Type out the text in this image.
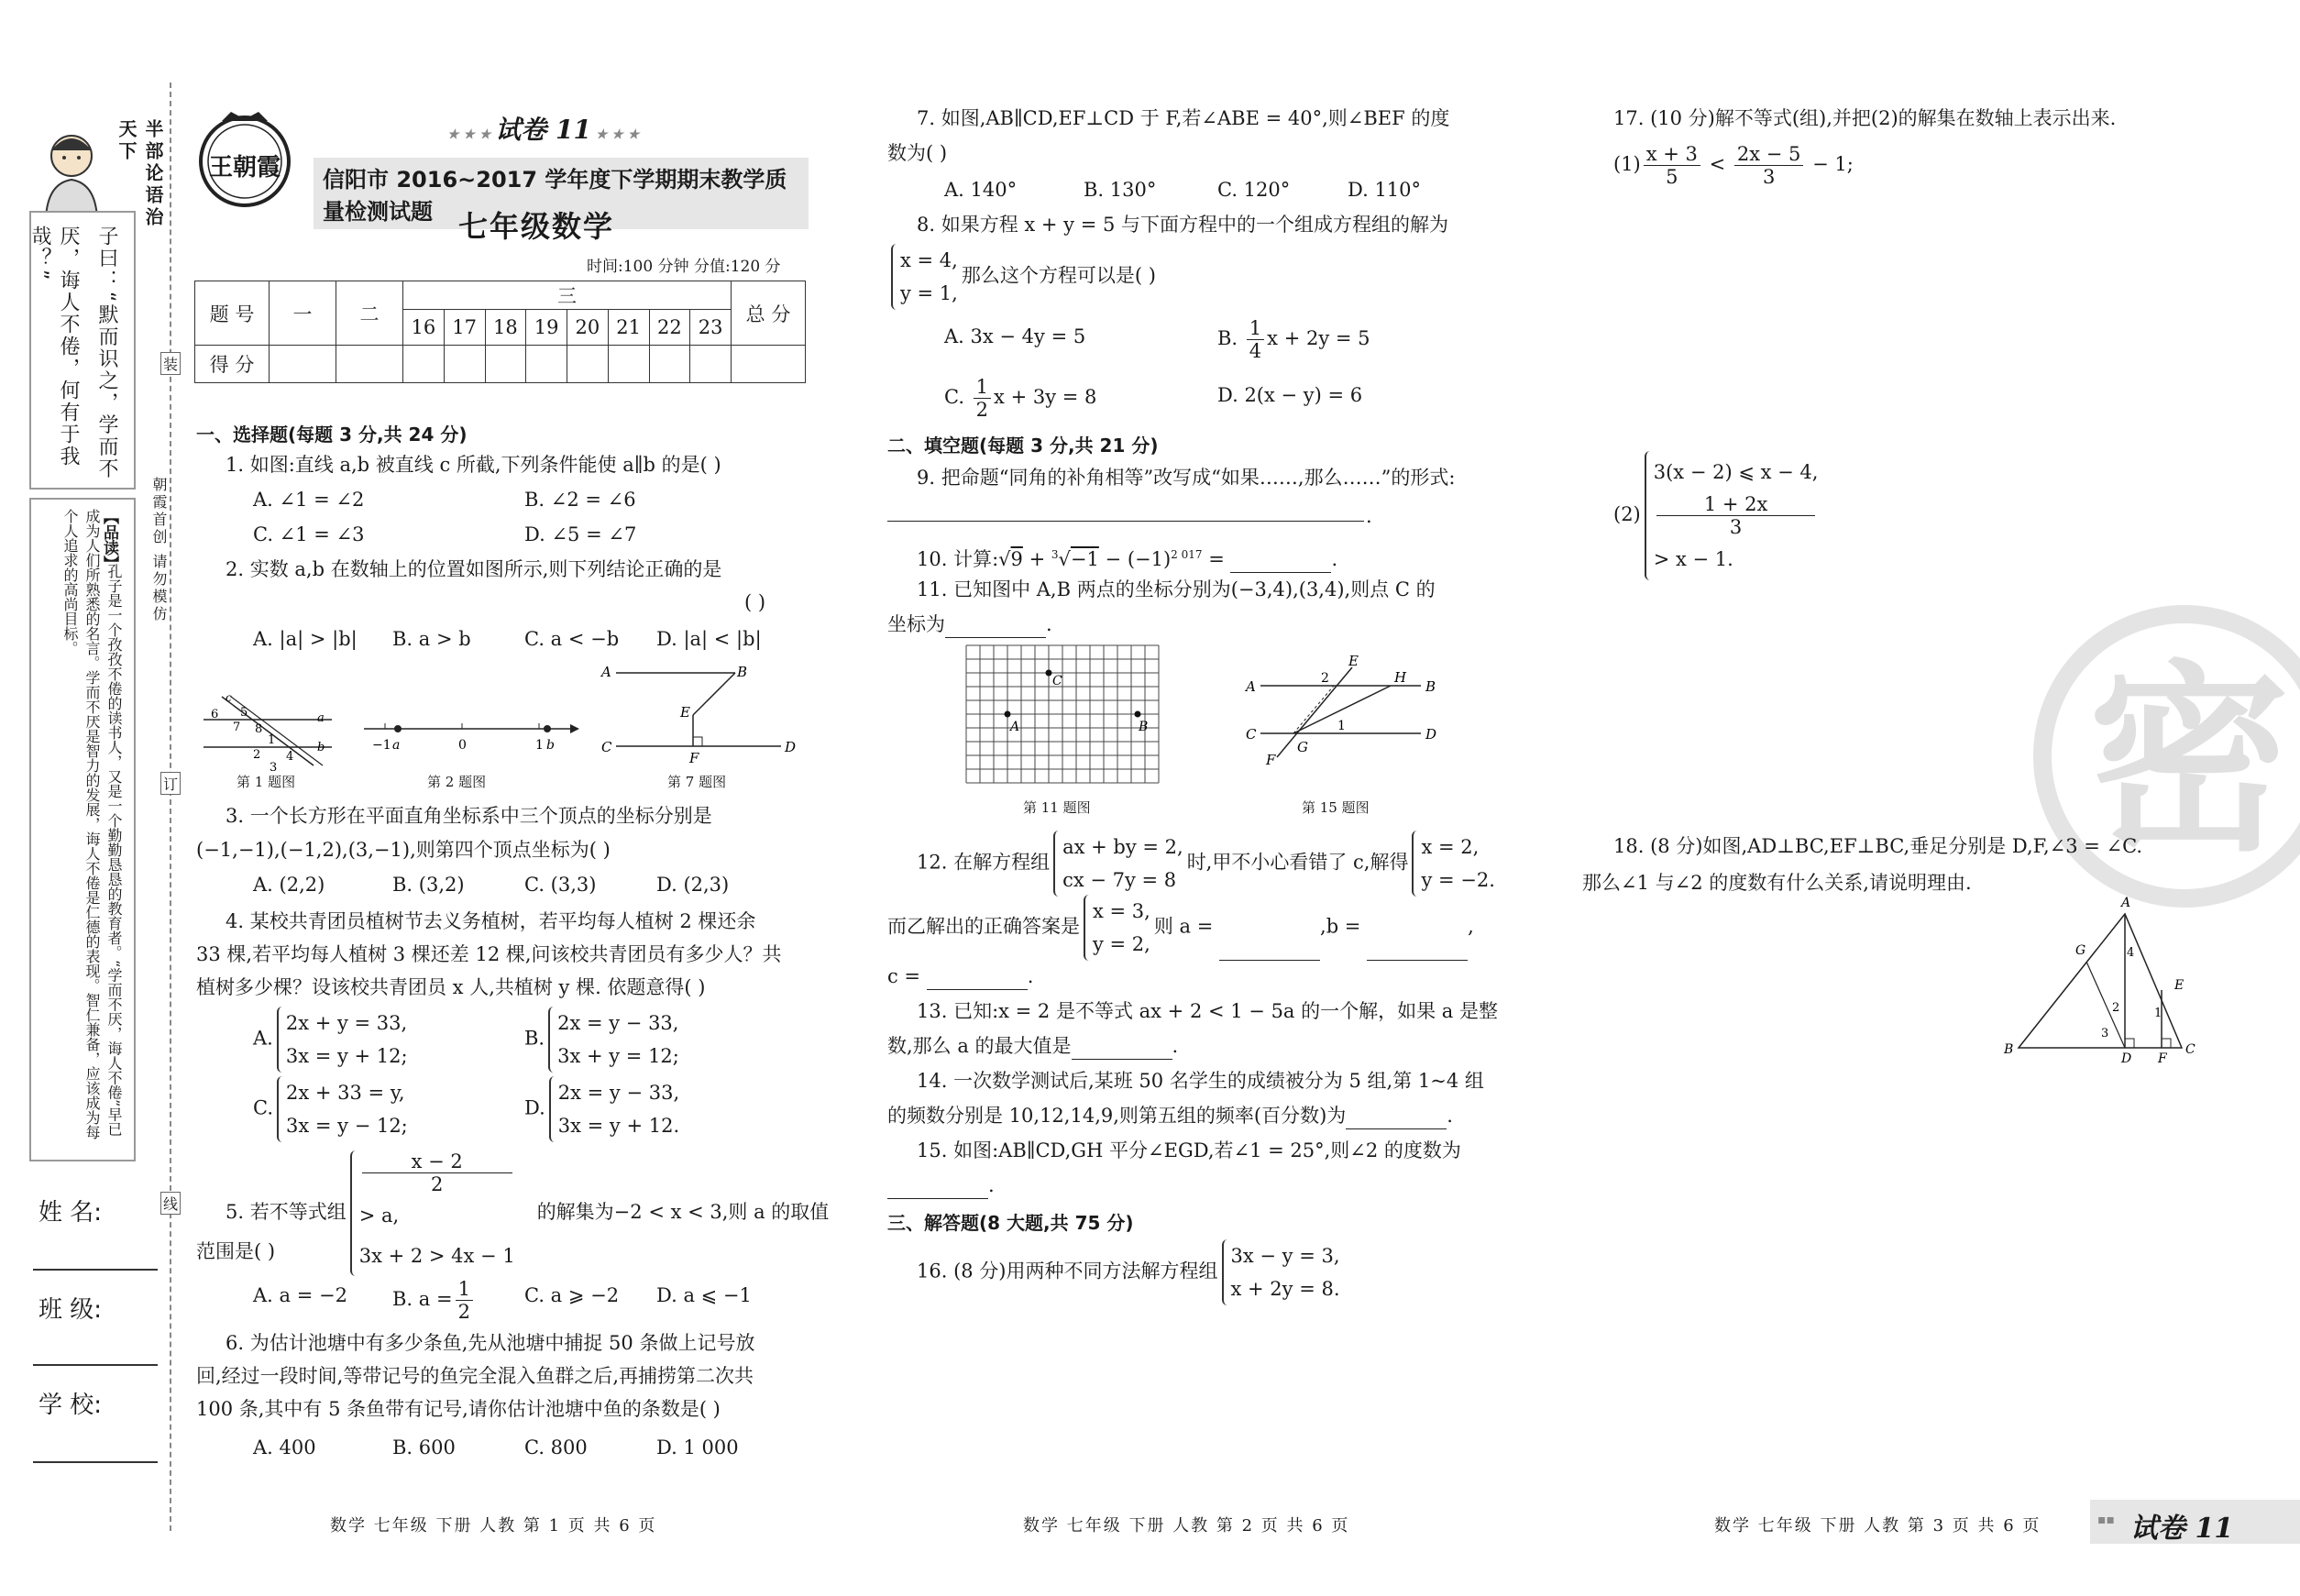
半部论语治天下
子曰：“默而识之，学而不
厌，诲人不倦，何有于我哉？”
【品读】
孔子是一个孜孜不倦的读书人，又是一个勤勤恳恳的教育者。“学而不厌，诲人不倦”早已成为人们所熟悉的名言。学而不厌是智力的发展，诲人不倦是仁德的表现。智仁兼备，应该成为每个人追求的高尚目标。	朝霞首创 请勿模仿
装
订
线
姓 名:
班 级:
学 校:
王朝霞
★ ★ ★ 试卷 11 ★ ★ ★
信阳市 2016~2017 学年度下学期期末教学质量检测试题 七年级数学
时间:100 分钟 分值:120 分
题 号	一	二	三								总 分
			16	17	18	19	20	21	22	23	
得 分											
一、选择题(每题 3 分,共 24 分)
1. 如图:直线 a,b 被直线 c 所截,下列条件能使 a∥b 的是( )
A. ∠1 = ∠2	B. ∠2 = ∠6
C. ∠1 = ∠3	D. ∠5 = ∠7
2. 实数 a,b 在数轴上的位置如图所示,则下列结论正确的是
( )
A. |a| > |b| B. a > b	C. a < −b D. |a| < |b|
6 5
7 8
1
2 4
3
a
b
c
第 1 题图
−1 a	0	1 b
第 2 题图
A	B
E
C
F
D
第 7 题图
3. 一个长方形在平面直角坐标系中三个顶点的坐标分别是
(−1,−1),(−1,2),(3,−1),则第四个顶点坐标为( )
A. (2,2)	B. (3,2)	C. (3,3)	D. (2,3)
4. 某校共青团员植树节去义务植树，若平均每人植树 2 棵还余
33 棵,若平均每人植树 3 棵还差 12 棵,问该校共青团员有多少人？共
植树多少棵？设该校共青团员 x 人,共植树 y 棵. 依题意得( )
A.
2x + y = 33,
3x = y + 12;
B.
2x = y − 33,
3x + y = 12;
C.
2x + 33 = y,
3x = y − 12;
D.
2x = y − 33,
3x = y + 12.
5. 若不等式组
x − 2
2
> a,
3x + 2 > 4x − 1
的解集为−2 < x < 3,则 a 的取值
范围是( )
A. a = −2 B. $a = \frac{1}{2}$	C. a ⩾ −2 D. a ⩽ −1
6. 为估计池塘中有多少条鱼,先从池塘中捕捉 50 条做上记号放
回,经过一段时间,等带记号的鱼完全混入鱼群之后,再捕捞第二次共
100 条,其中有 5 条鱼带有记号,请你估计池塘中鱼的条数是( )
A. 400	B. 600	C. 800	D. 1 000
数学 七年级 下册 人教 第 1 页 共 6 页
7. 如图,AB∥CD,EF⊥CD 于 F,若∠ABE = 40°,则∠BEF 的度
数为( )
A. 140°	B. 130°	C. 120°	D. 110°
8. 如果方程 x + y = 5 与下面方程中的一个组成方程组的解为
x = 4,
y = 1,
那么这个方程可以是( )
A. 3x − 4y = 5	B. $\frac{1}{4}$ x + 2y = 5
C. $\frac{1}{2}$ x + 3y = 8	D. 2(x − y) = 6
二、填空题(每题 3 分,共 21 分)
9. 把命题“同角的补角相等”改写成“如果……,那么……”的形式:
.
10. 计算:√9 + $^3√-1 - (-1)^{2 017}$ =	.
11. 已知图中 A,B 两点的坐标分别为(−3,4),(3,4),则点 C 的
坐标为	.
A
C
B
第 11 题图
A	B
C	D
E
H
F
G
2
1
第 15 题图
12. 在解方程组
ax + by = 2,
cx − 7y = 8
时,甲不小心看错了 c,解得
x = 2,
y = −2.
而乙解出的正确答案是
x = 3,
y = 2,
则 a =	,b =	,
c =	.
13. 已知:x = 2 是不等式 ax + 2 < 1 − 5a 的一个解，如果 a 是整
数,那么 a 的最大值是	.
14. 一次数学测试后,某班 50 名学生的成绩被分为 5 组,第 1~4 组
的频数分别是 10,12,14,9,则第五组的频率(百分数)为	.
15. 如图:AB∥CD,GH 平分∠EGD,若∠1 = 25°,则∠2 的度数为
.
三、解答题(8 大题,共 75 分)
16. (8 分)用两种不同方法解方程组
3x − y = 3,
x + 2y = 8.
数学 七年级 下册 人教 第 2 页 共 6 页
17. (10 分)解不等式(组),并把(2)的解集在数轴上表示出来.
$(1) \frac{x + 3}{5} < \frac{2x - 5}{3} - 1$;
(2)
3(x − 2) ⩽ x − 4,
1 + 2x
3
> x − 1.
密
18. (8 分)如图,AD⊥BC,EF⊥BC,垂足分别是 D,F,∠3 = ∠C.
那么∠1 与∠2 的度数有什么关系,请说明理由.
A
G
E
B
D F
C
4
2
3
1
数学 七年级 下册 人教 第 3 页 共 6 页	▪▪ 试卷 11
